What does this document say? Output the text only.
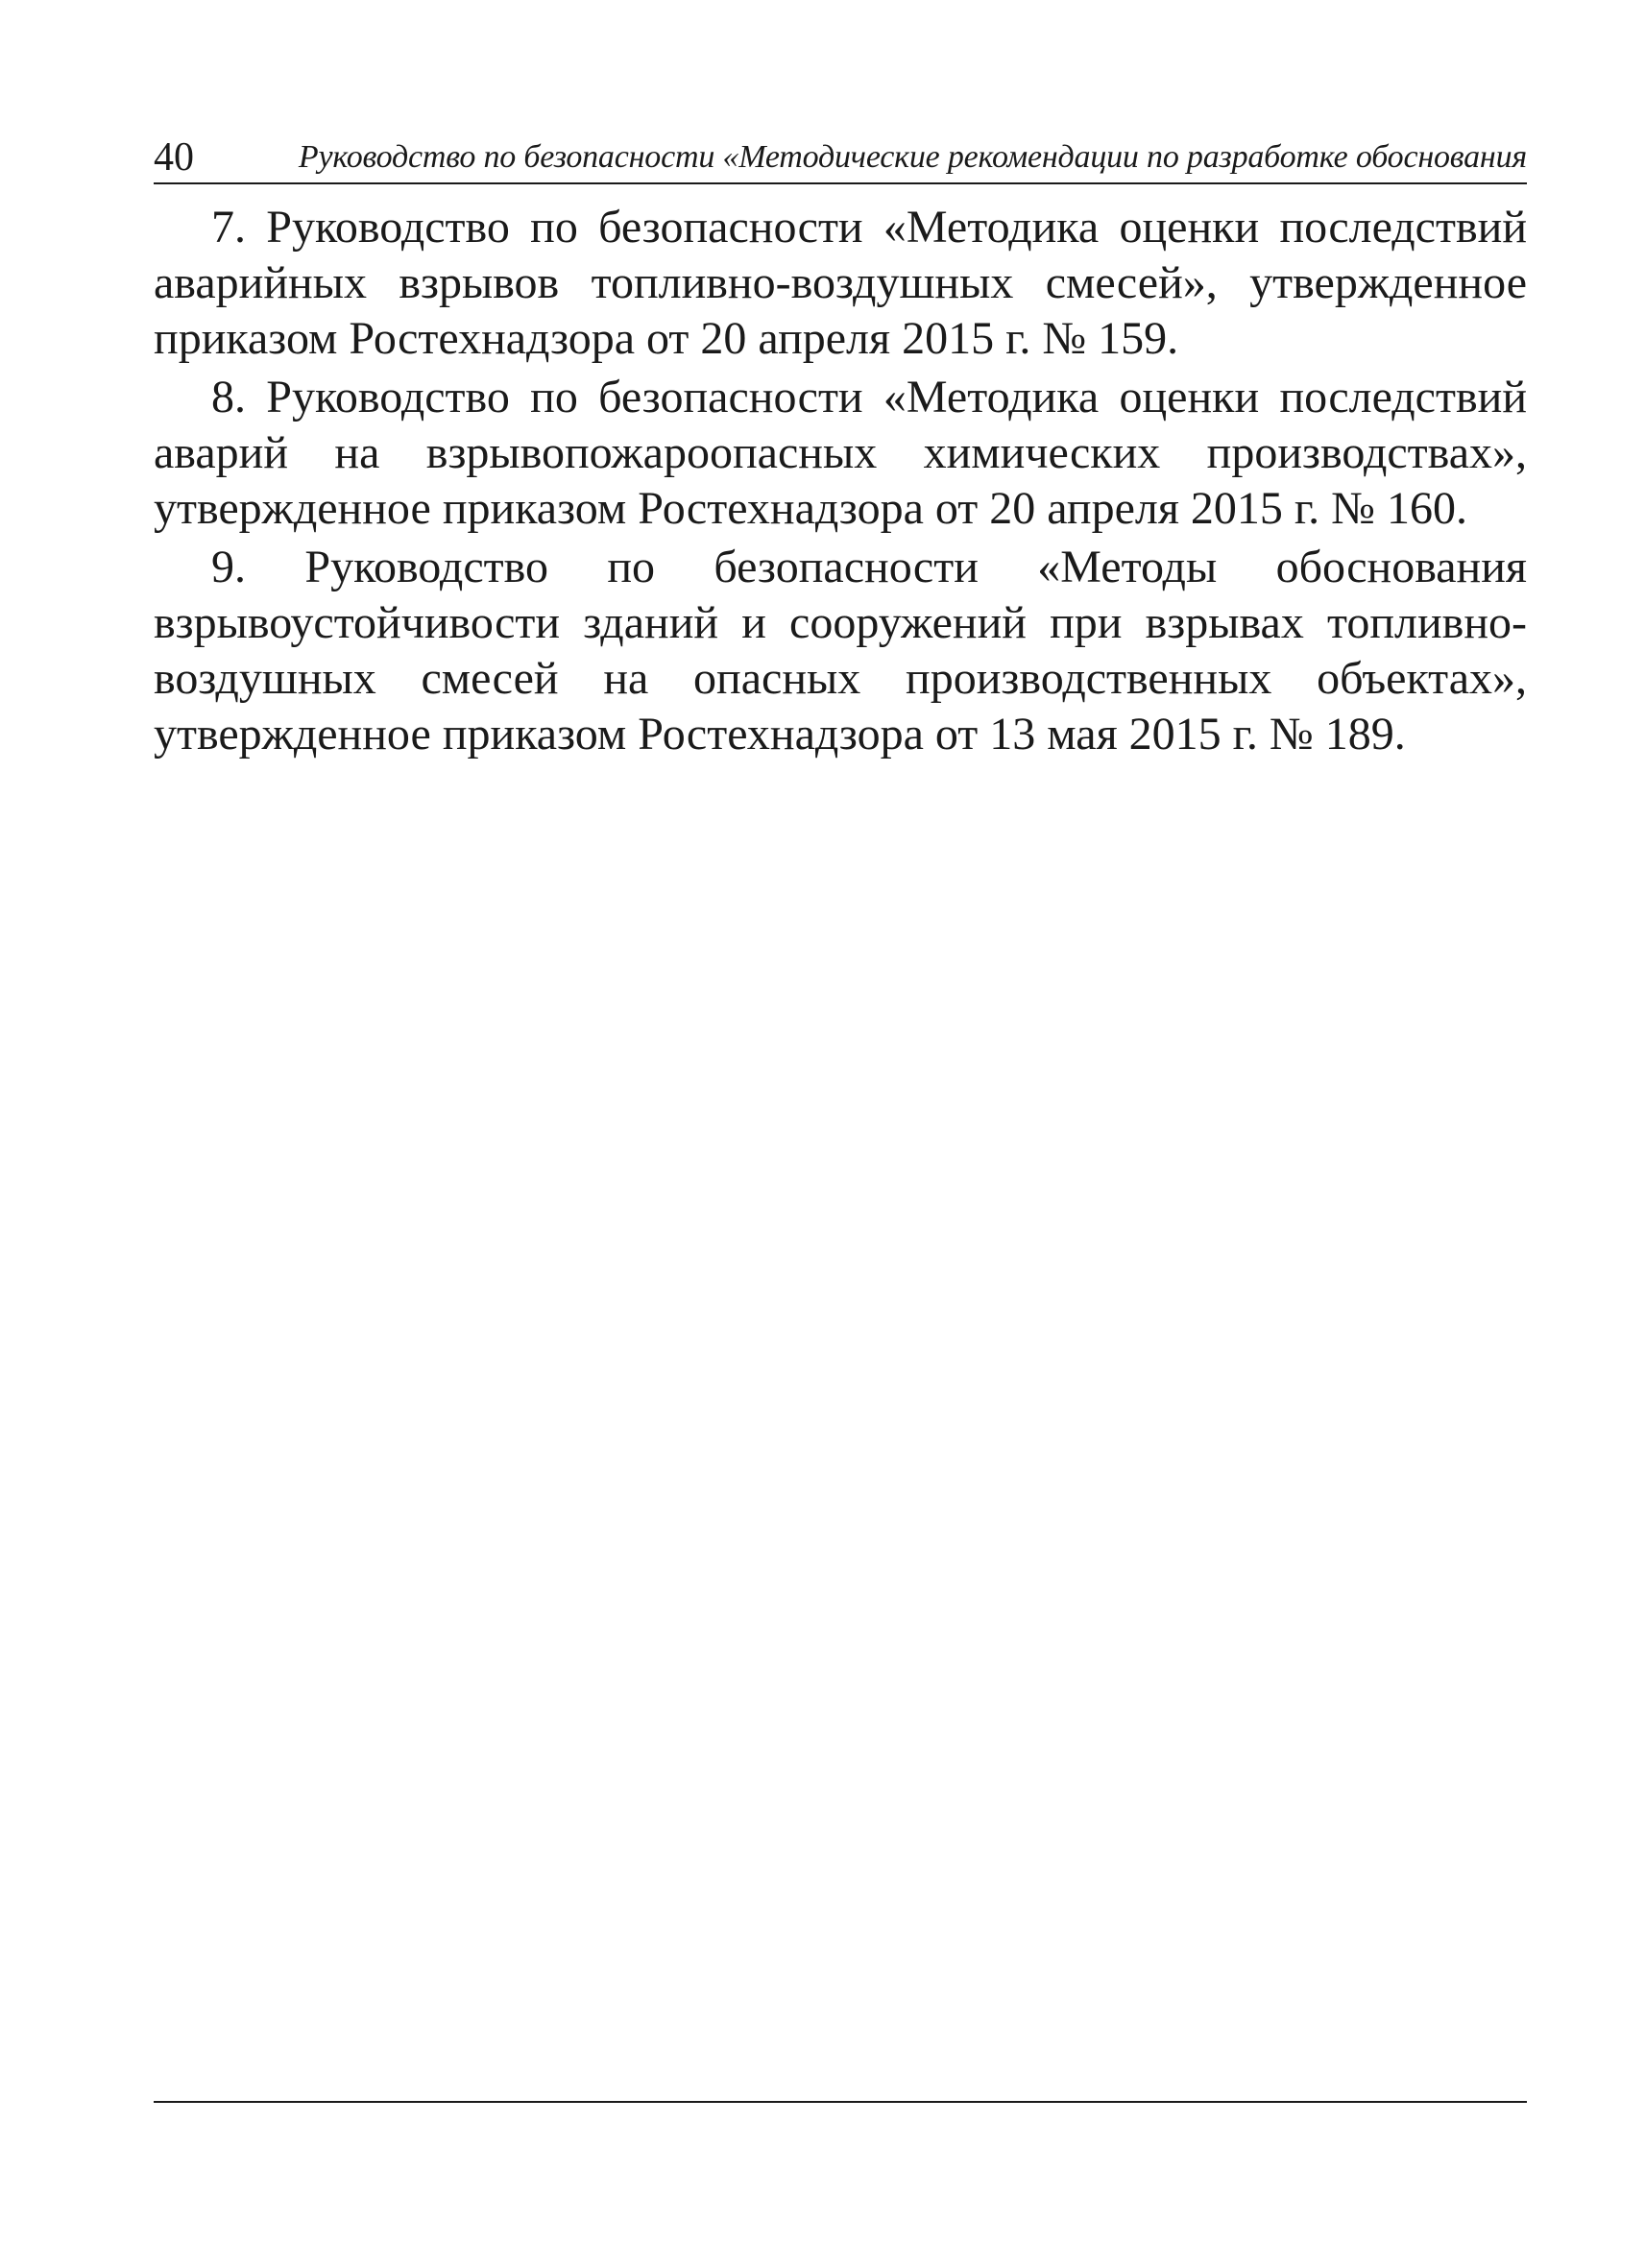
40	Руководство по безопасности «Методические рекомендации по разработке обоснования

7. Руководство по безопасности «Методика оценки последствий аварийных взрывов топливно-воздушных смесей», утвержденное приказом Ростехнадзора от 20 апреля 2015 г. № 159.

8. Руководство по безопасности «Методика оценки последствий аварий на взрывопожароопасных химических производствах», утвержденное приказом Ростехнадзора от 20 апреля 2015 г. № 160.

9. Руководство по безопасности «Методы обоснования взрывоустойчивости зданий и сооружений при взрывах топливно-воздушных смесей на опасных производственных объектах», утвержденное приказом Ростехнадзора от 13 мая 2015 г. № 189.
